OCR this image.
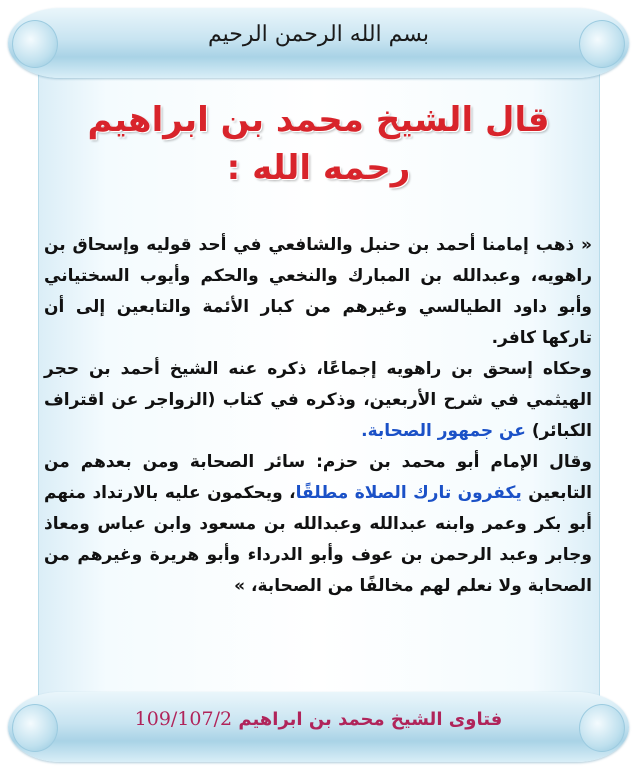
بسم الله الرحمن الرحيم
قال الشيخ محمد بن ابراهيم
رحمه الله :

« ذهب إمامنا أحمد بن حنبل والشافعي في أحد قوليه وإسحاق بن راهويه، وعبدالله بن المبارك والنخعي والحكم وأيوب السختياني وأبو داود الطيالسي وغيرهم من كبار الأئمة والتابعين إلى أن تاركها كافر.

وحكاه إسحق بن راهويه إجماعًا، ذكره عنه الشيخ أحمد بن حجر الهيثمي في شرح الأربعين، وذكره في كتاب (الزواجر عن اقتراف الكبائر) عن جمهور الصحابة.

وقال الإمام أبو محمد بن حزم: سائر الصحابة ومن بعدهم من التابعين يكفرون تارك الصلاة مطلقًا، ويحكمون عليه بالارتداد منهم أبو بكر وعمر وابنه عبدالله وعبدالله بن مسعود وابن عباس ومعاذ وجابر وعبد الرحمن بن عوف وأبو الدرداء وأبو هريرة وغيرهم من الصحابة ولا نعلم لهم مخالفًا من الصحابة، »

فتاوى الشيخ محمد بن ابراهيم 109/107/2
